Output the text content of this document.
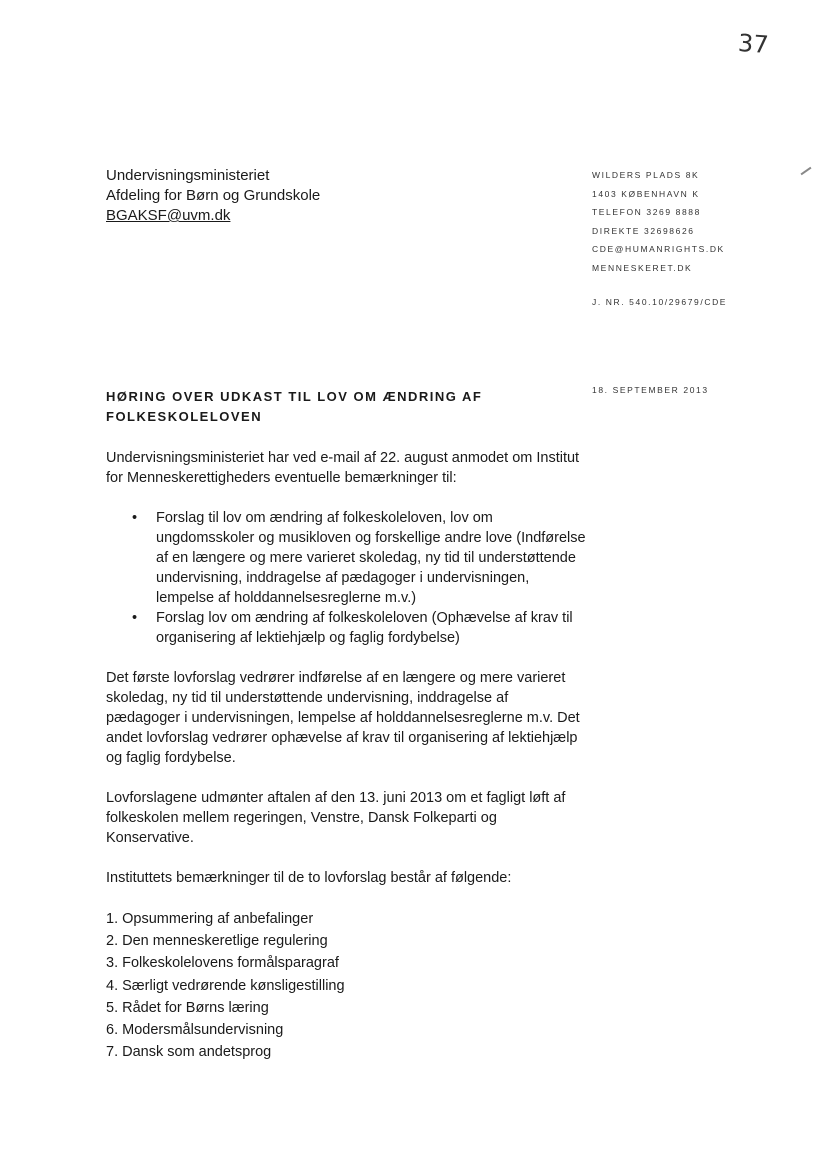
37
Undervisningsministeriet
Afdeling for Børn og Grundskole
BGAKSF@uvm.dk
WILDERS PLADS 8K
1403 KØBENHAVN K
TELEFON 3269 8888
DIREKTE 32698626
CDE@HUMANRIGHTS.DK
MENNESKERET.DK
J. NR. 540.10/29679/CDE
18. SEPTEMBER 2013
HØRING OVER UDKAST TIL LOV OM ÆNDRING AF FOLKESKOLELOVEN

Undervisningsministeriet har ved e-mail af 22. august anmodet om Institut for Menneskerettigheders eventuelle bemærkninger til:

• Forslag til lov om ændring af folkeskoleloven, lov om ungdomsskoler og musikloven og forskellige andre love (Indførelse af en længere og mere varieret skoledag, ny tid til understøttende undervisning, inddragelse af pædagoger i undervisningen, lempelse af holddannelsesreglerne m.v.)
• Forslag lov om ændring af folkeskoleloven (Ophævelse af krav til organisering af lektiehjælp og faglig fordybelse)

Det første lovforslag vedrører indførelse af en længere og mere varieret skoledag, ny tid til understøttende undervisning, inddragelse af pædagoger i undervisningen, lempelse af holddannelsesreglerne m.v. Det andet lovforslag vedrører ophævelse af krav til organisering af lektiehjælp og faglig fordybelse.

Lovforslagene udmønter aftalen af den 13. juni 2013 om et fagligt løft af folkeskolen mellem regeringen, Venstre, Dansk Folkeparti og Konservative.

Instituttets bemærkninger til de to lovforslag består af følgende:

1. Opsummering af anbefalinger
2. Den menneskeretlige regulering
3. Folkeskolelovens formålsparagraf
4. Særligt vedrørende kønsligestilling
5. Rådet for Børns læring
6. Modersmålsundervisning
7. Dansk som andetsprog
